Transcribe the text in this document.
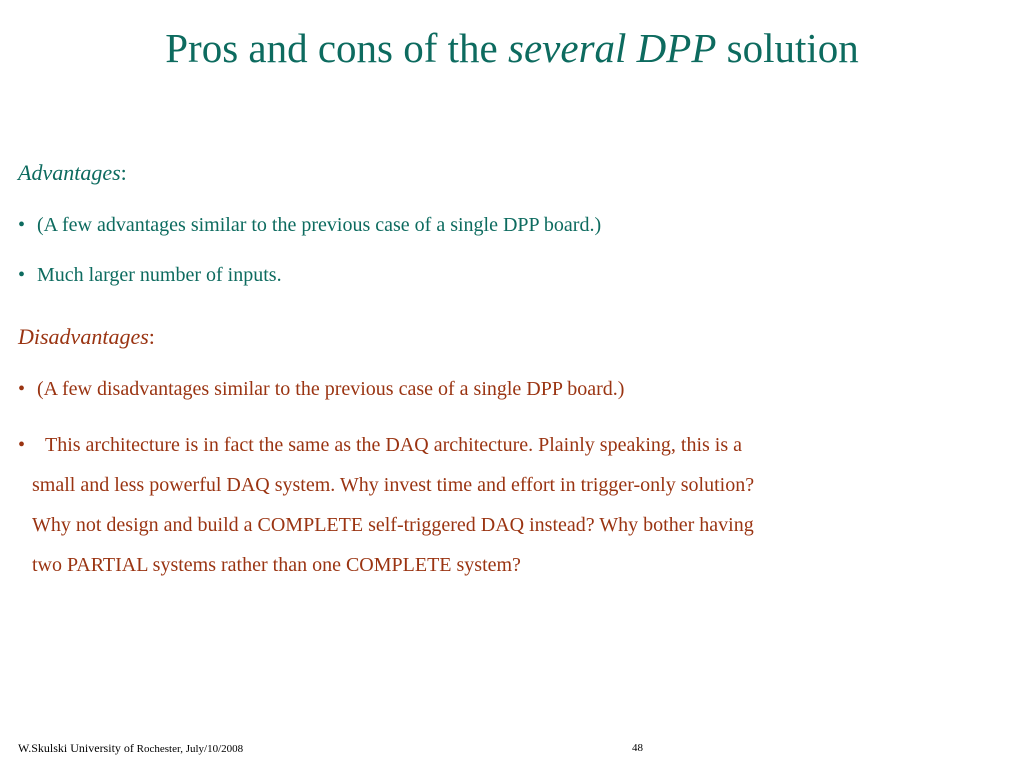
Pros and cons of the several DPP solution
Advantages:
• (A few advantages similar to the previous case of a single DPP board.)
• Much larger number of inputs.
Disadvantages:
• (A few disadvantages similar to the previous case of a single DPP board.)
• This architecture is in fact the same as the DAQ architecture. Plainly speaking, this is a
small and less powerful DAQ system. Why invest time and effort in trigger-only solution?
Why not design and build a COMPLETE self-triggered DAQ instead? Why bother having
two PARTIAL systems rather than one COMPLETE system?
W.Skulski University of Rochester, July/10/2008	48
